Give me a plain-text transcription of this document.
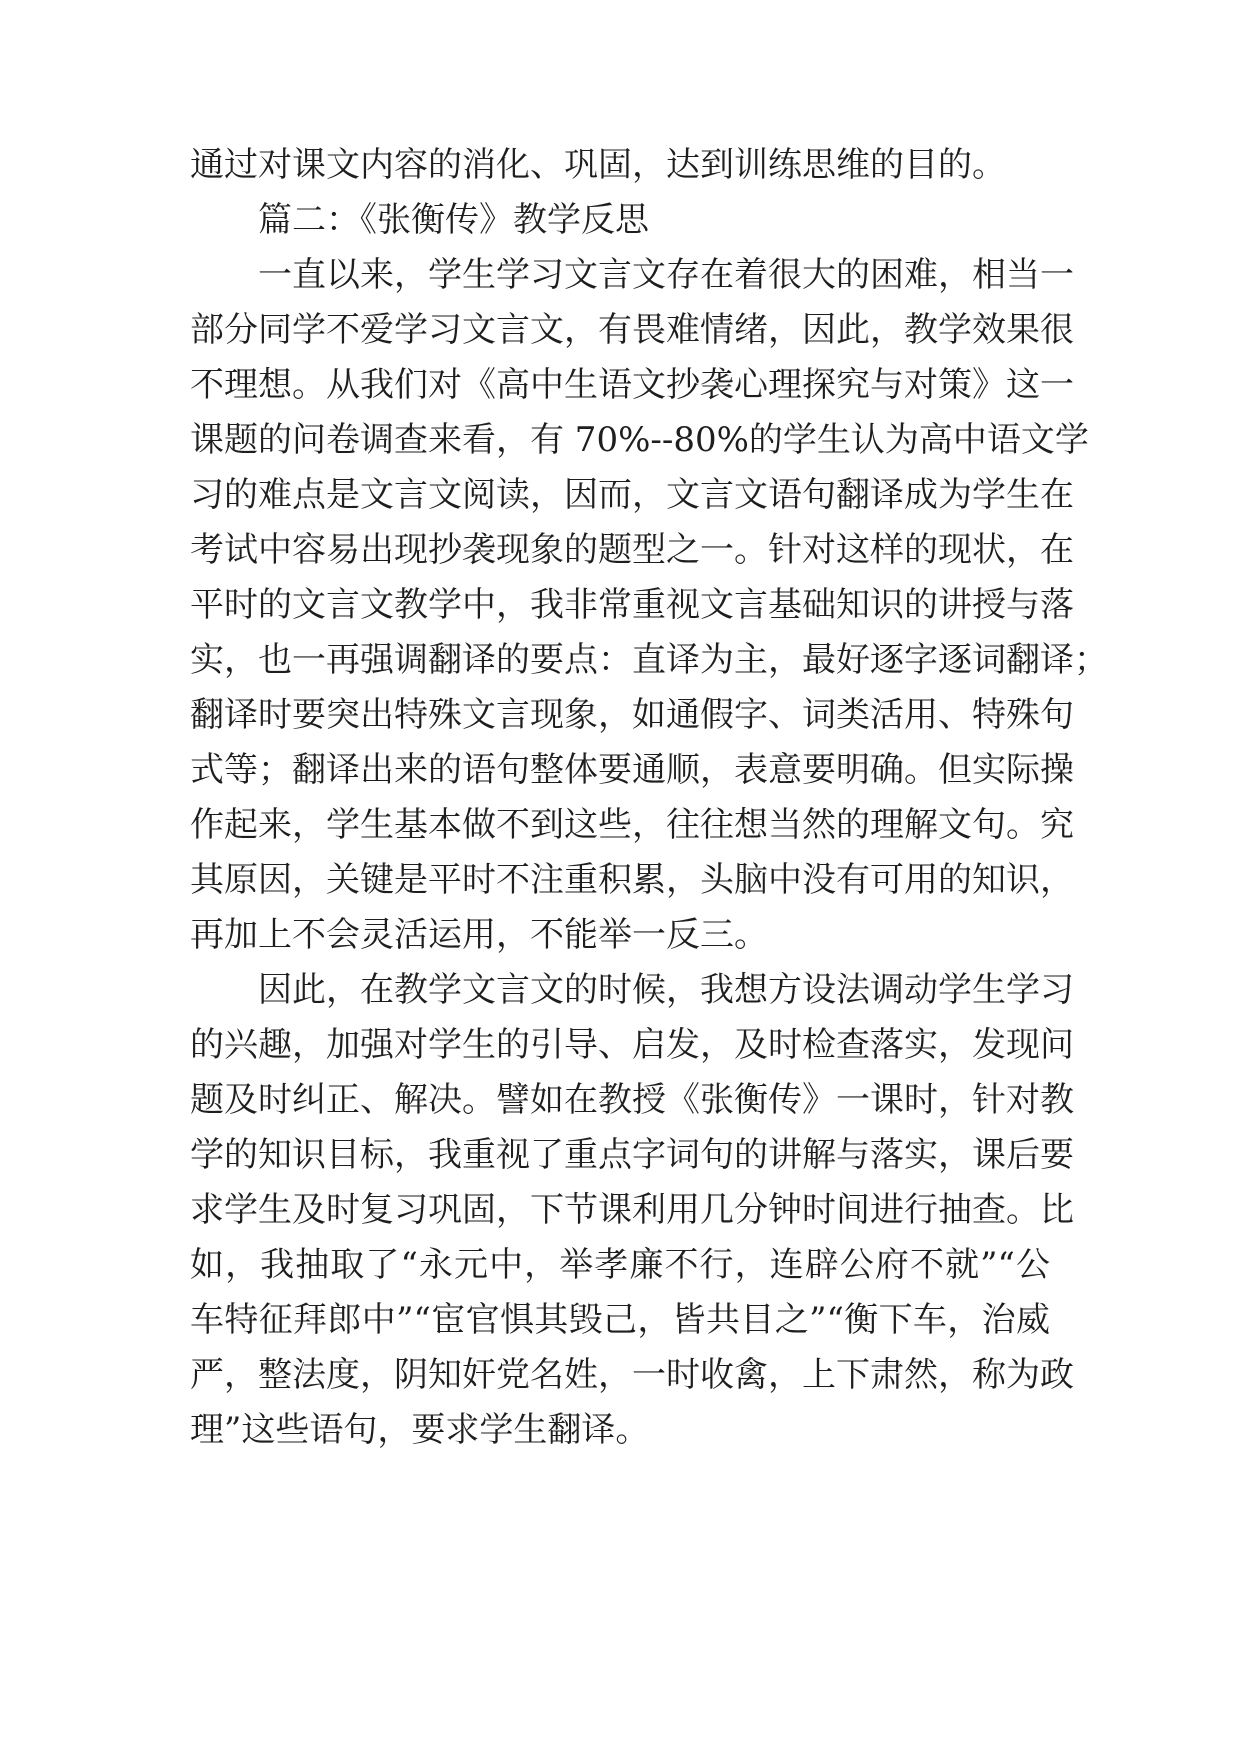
通过对课文内容的消化、巩固，达到训练思维的目的。
篇二：《张衡传》教学反思
一直以来，学生学习文言文存在着很大的困难，相当一
部分同学不爱学习文言文，有畏难情绪，因此，教学效果很
不理想。从我们对《高中生语文抄袭心理探究与对策》这一
课题的问卷调查来看，有 70%--80%的学生认为高中语文学
习的难点是文言文阅读，因而，文言文语句翻译成为学生在
考试中容易出现抄袭现象的题型之一。针对这样的现状，在
平时的文言文教学中，我非常重视文言基础知识的讲授与落
实，也一再强调翻译的要点：直译为主，最好逐字逐词翻译；
翻译时要突出特殊文言现象，如通假字、词类活用、特殊句
式等；翻译出来的语句整体要通顺，表意要明确。但实际操
作起来，学生基本做不到这些，往往想当然的理解文句。究
其原因，关键是平时不注重积累，头脑中没有可用的知识，
再加上不会灵活运用，不能举一反三。
因此，在教学文言文的时候，我想方设法调动学生学习
的兴趣，加强对学生的引导、启发，及时检查落实，发现问
题及时纠正、解决。譬如在教授《张衡传》一课时，针对教
学的知识目标，我重视了重点字词句的讲解与落实，课后要
求学生及时复习巩固，下节课利用几分钟时间进行抽查。比
如，我抽取了“永元中，举孝廉不行，连辟公府不就”“公
车特征拜郎中”“宦官惧其毁己，皆共目之”“衡下车，治威
严，整法度，阴知奸党名姓，一时收禽，上下肃然，称为政
理”这些语句，要求学生翻译。
